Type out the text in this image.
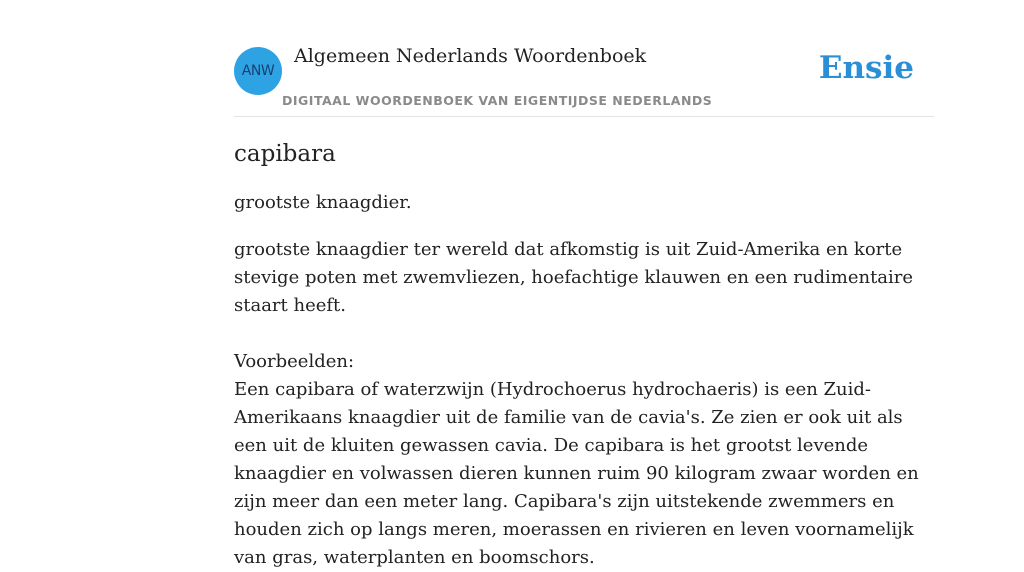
ANW
Algemeen Nederlands Woordenboek
DIGITAAL WOORDENBOEK VAN EIGENTIJDSE NEDERLANDS
Ensie
capibara
grootste knaagdier.
grootste knaagdier ter wereld dat afkomstig is uit Zuid-Amerika en korte stevige poten met zwemvliezen, hoefachtige klauwen en een rudimentaire staart heeft.
Voorbeelden:
Een capibara of waterzwijn (Hydrochoerus hydrochaeris) is een Zuid-Amerikaans knaagdier uit de familie van de cavia's. Ze zien er ook uit als een uit de kluiten gewassen cavia. De capibara is het grootst levende knaagdier en volwassen dieren kunnen ruim 90 kilogram zwaar worden en zijn meer dan een meter lang. Capibara's zijn uitstekende zwemmers en houden zich op langs meren, moerassen en rivieren en leven voornamelijk van gras, waterplanten en boomschors.
